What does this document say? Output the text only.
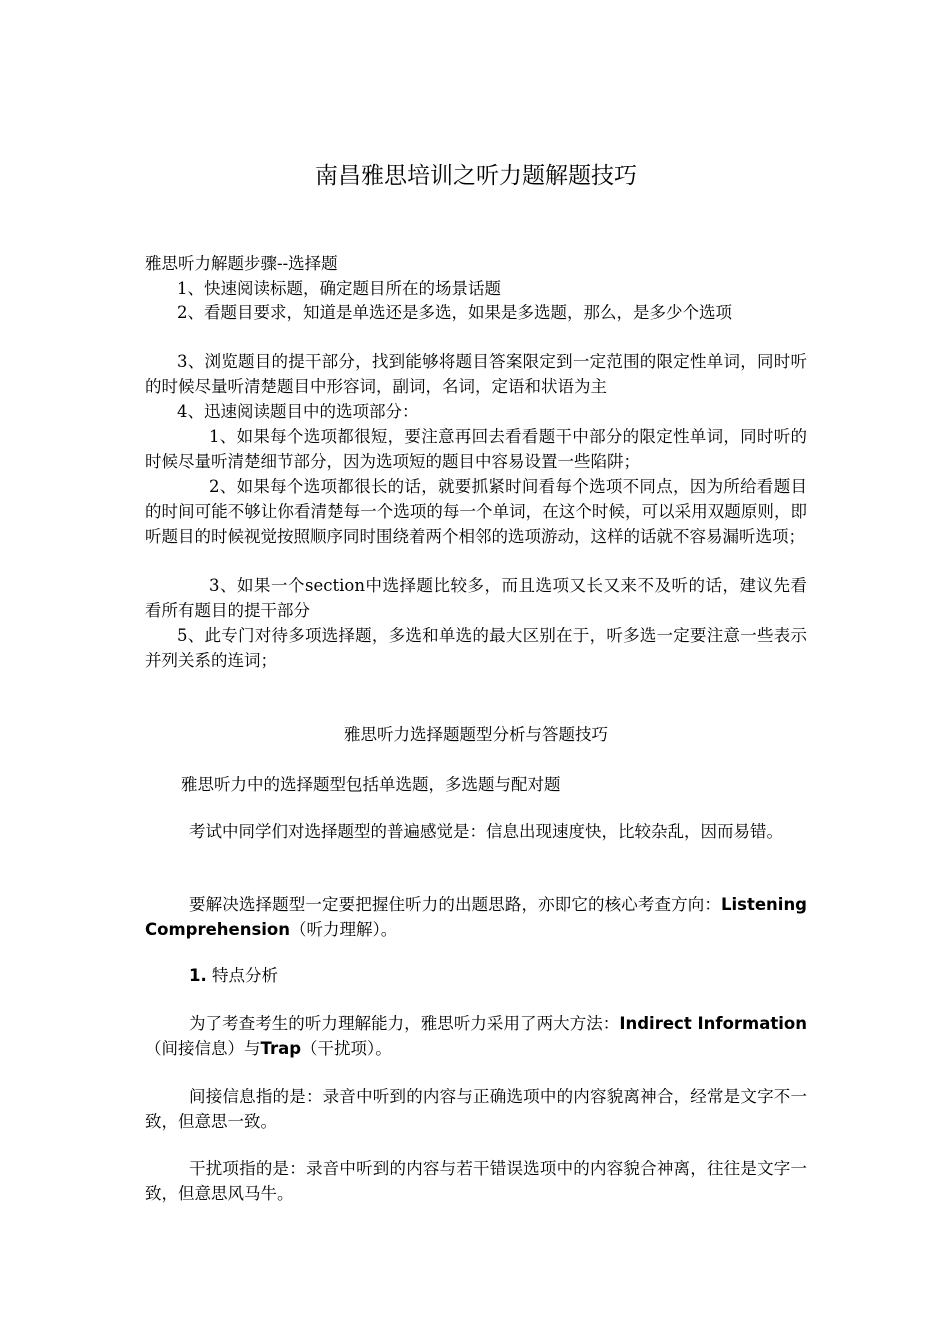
南昌雅思培训之听力题解题技巧

雅思听力解题步骤--选择题

1、快速阅读标题，确定题目所在的场景话题

2、看题目要求，知道是单选还是多选，如果是多选题，那么，是多少个选项

3、浏览题目的提干部分，找到能够将题目答案限定到一定范围的限定性单词，同时听的时候尽量听清楚题目中形容词，副词，名词，定语和状语为主

4、迅速阅读题目中的选项部分：

1、如果每个选项都很短，要注意再回去看看题干中部分的限定性单词，同时听的时候尽量听清楚细节部分，因为选项短的题目中容易设置一些陷阱；

2、如果每个选项都很长的话，就要抓紧时间看每个选项不同点，因为所给看题目的时间可能不够让你看清楚每一个选项的每一个单词，在这个时候，可以采用双题原则，即听题目的时候视觉按照顺序同时围绕着两个相邻的选项游动，这样的话就不容易漏听选项；

3、如果一个section中选择题比较多，而且选项又长又来不及听的话，建议先看看所有题目的提干部分

5、此专门对待多项选择题，多选和单选的最大区别在于，听多选一定要注意一些表示并列关系的连词；

雅思听力选择题题型分析与答题技巧

雅思听力中的选择题型包括单选题，多选题与配对题

考试中同学们对选择题型的普遍感觉是：信息出现速度快，比较杂乱，因而易错。

要解决选择题型一定要把握住听力的出题思路，亦即它的核心考查方向：Listening Comprehension（听力理解）。

1. 特点分析

为了考查考生的听力理解能力，雅思听力采用了两大方法：Indirect Information（间接信息）与Trap（干扰项）。

间接信息指的是：录音中听到的内容与正确选项中的内容貌离神合，经常是文字不一致，但意思一致。

干扰项指的是：录音中听到的内容与若干错误选项中的内容貌合神离，往往是文字一致，但意思风马牛。
